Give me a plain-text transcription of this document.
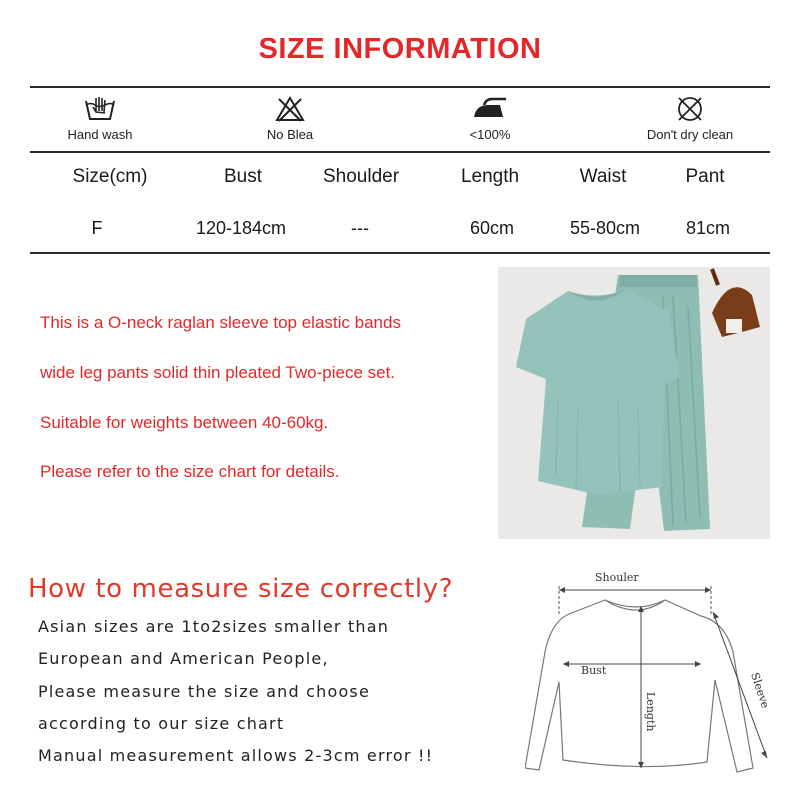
SIZE INFORMATION
Hand wash	No Blea	<100%	Don't dry clean
Size(cm)	Bust	Shoulder	Length	Waist	Pant
F	120-184cm	---	60cm	55-80cm	81cm
This is a O-neck raglan sleeve top elastic bands
wide leg pants solid thin pleated Two-piece set.
Suitable for weights between 40-60kg.
Please refer to the size chart for details.
How to measure size correctly?
Asian sizes are 1to2sizes smaller than
European and American People,
Please measure the size and choose
according to our size chart
Manual measurement allows 2-3cm error !!
Shouler
Bust
Length
Sleeve
